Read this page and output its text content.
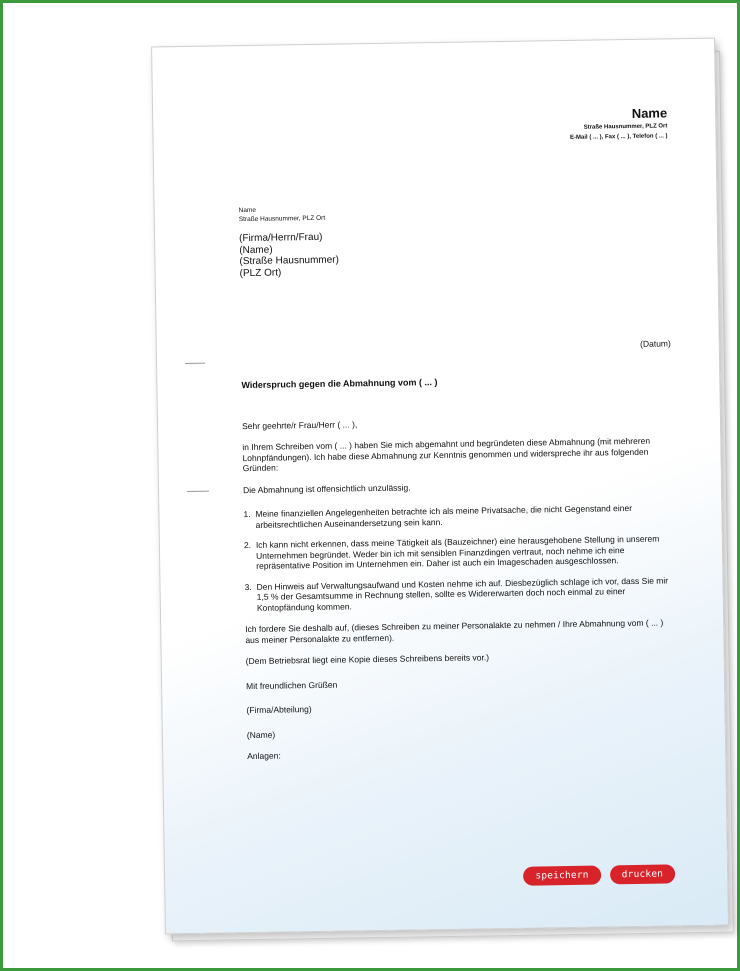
Name
Straße Hausnummer, PLZ Ort
E-Mail ( ... ), Fax ( ... ), Telefon ( ... )
Name
Straße Hausnummer, PLZ Ort
(Firma/Herrn/Frau)
(Name)
(Straße Hausnummer)
(PLZ Ort)
(Datum)
Widerspruch gegen die Abmahnung vom ( ... )
Sehr geehrte/r Frau/Herr ( ... ),
in Ihrem Schreiben vom ( ... ) haben Sie mich abgemahnt und begründeten diese Abmahnung (mit mehreren Lohnpfändungen). Ich habe diese Abmahnung zur Kenntnis genommen und widerspreche ihr aus folgenden Gründen:
Die Abmahnung ist offensichtlich unzulässig.
1. Meine finanziellen Angelegenheiten betrachte ich als meine Privatsache, die nicht Gegenstand einer arbeitsrechtlichen Auseinandersetzung sein kann.
2. Ich kann nicht erkennen, dass meine Tätigkeit als (Bauzeichner) eine herausgehobene Stellung in unserem Unternehmen begründet. Weder bin ich mit sensiblen Finanzdingen vertraut, noch nehme ich eine repräsentative Position im Unternehmen ein. Daher ist auch ein Imageschaden ausgeschlossen.
3. Den Hinweis auf Verwaltungsaufwand und Kosten nehme ich auf. Diesbezüglich schlage ich vor, dass Sie mir 1,5 % der Gesamtsumme in Rechnung stellen, sollte es Widererwarten doch noch einmal zu einer Kontopfändung kommen.
Ich fordere Sie deshalb auf, (dieses Schreiben zu meiner Personalakte zu nehmen / Ihre Abmahnung vom ( ... ) aus meiner Personalakte zu entfernen).
(Dem Betriebsrat liegt eine Kopie dieses Schreibens bereits vor.)
Mit freundlichen Grüßen
(Firma/Abteilung)
(Name)
Anlagen:
speichern	drucken
